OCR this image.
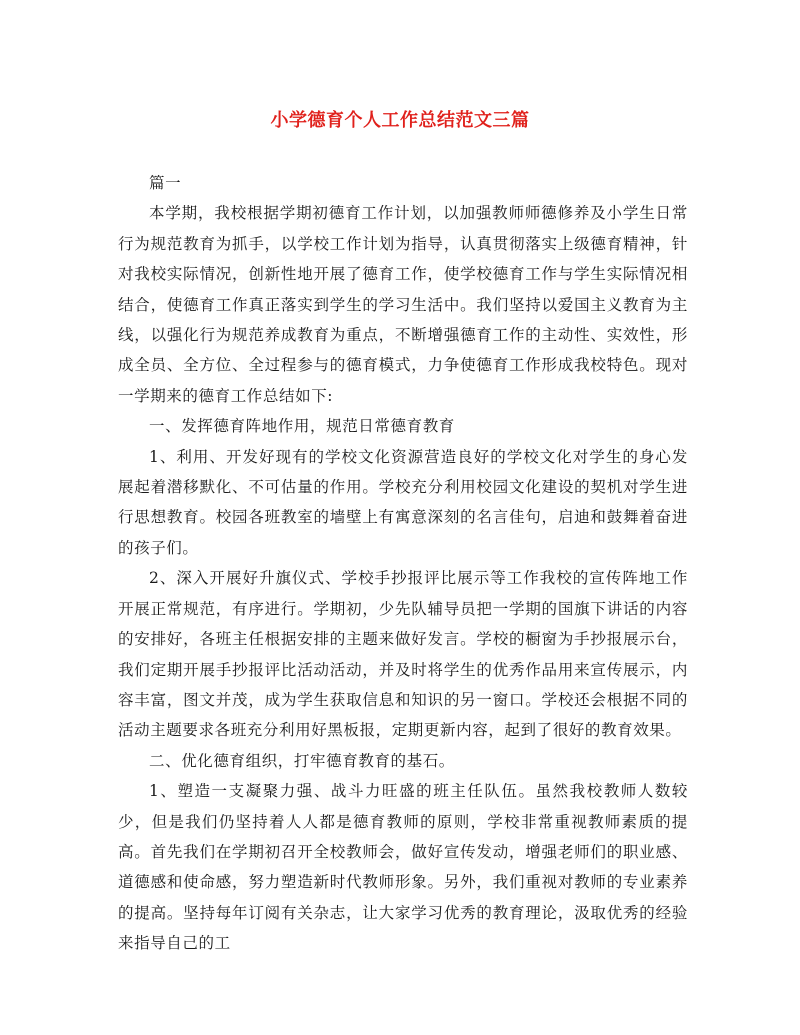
小学德育个人工作总结范文三篇

篇一

本学期，我校根据学期初德育工作计划，以加强教师师德修养及小学生日常行为规范教育为抓手，以学校工作计划为指导，认真贯彻落实上级德育精神，针对我校实际情况，创新性地开展了德育工作，使学校德育工作与学生实际情况相结合，使德育工作真正落实到学生的学习生活中。我们坚持以爱国主义教育为主线，以强化行为规范养成教育为重点，不断增强德育工作的主动性、实效性，形成全员、全方位、全过程参与的德育模式，力争使德育工作形成我校特色。现对一学期来的德育工作总结如下:

一、发挥德育阵地作用，规范日常德育教育

1、利用、开发好现有的学校文化资源营造良好的学校文化对学生的身心发展起着潜移默化、不可估量的作用。学校充分利用校园文化建设的契机对学生进行思想教育。校园各班教室的墙壁上有寓意深刻的名言佳句，启迪和鼓舞着奋进的孩子们。

2、深入开展好升旗仪式、学校手抄报评比展示等工作我校的宣传阵地工作开展正常规范，有序进行。学期初，少先队辅导员把一学期的国旗下讲话的内容的安排好，各班主任根据安排的主题来做好发言。学校的橱窗为手抄报展示台，我们定期开展手抄报评比活动活动，并及时将学生的优秀作品用来宣传展示，内容丰富，图文并茂，成为学生获取信息和知识的另一窗口。学校还会根据不同的活动主题要求各班充分利用好黑板报，定期更新内容，起到了很好的教育效果。

二、优化德育组织，打牢德育教育的基石。

1、塑造一支凝聚力强、战斗力旺盛的班主任队伍。虽然我校教师人数较少，但是我们仍坚持着人人都是德育教师的原则，学校非常重视教师素质的提高。首先我们在学期初召开全校教师会，做好宣传发动，增强老师们的职业感、道德感和使命感，努力塑造新时代教师形象。另外，我们重视对教师的专业素养的提高。坚持每年订阅有关杂志，让大家学习优秀的教育理论，汲取优秀的经验来指导自己的工
